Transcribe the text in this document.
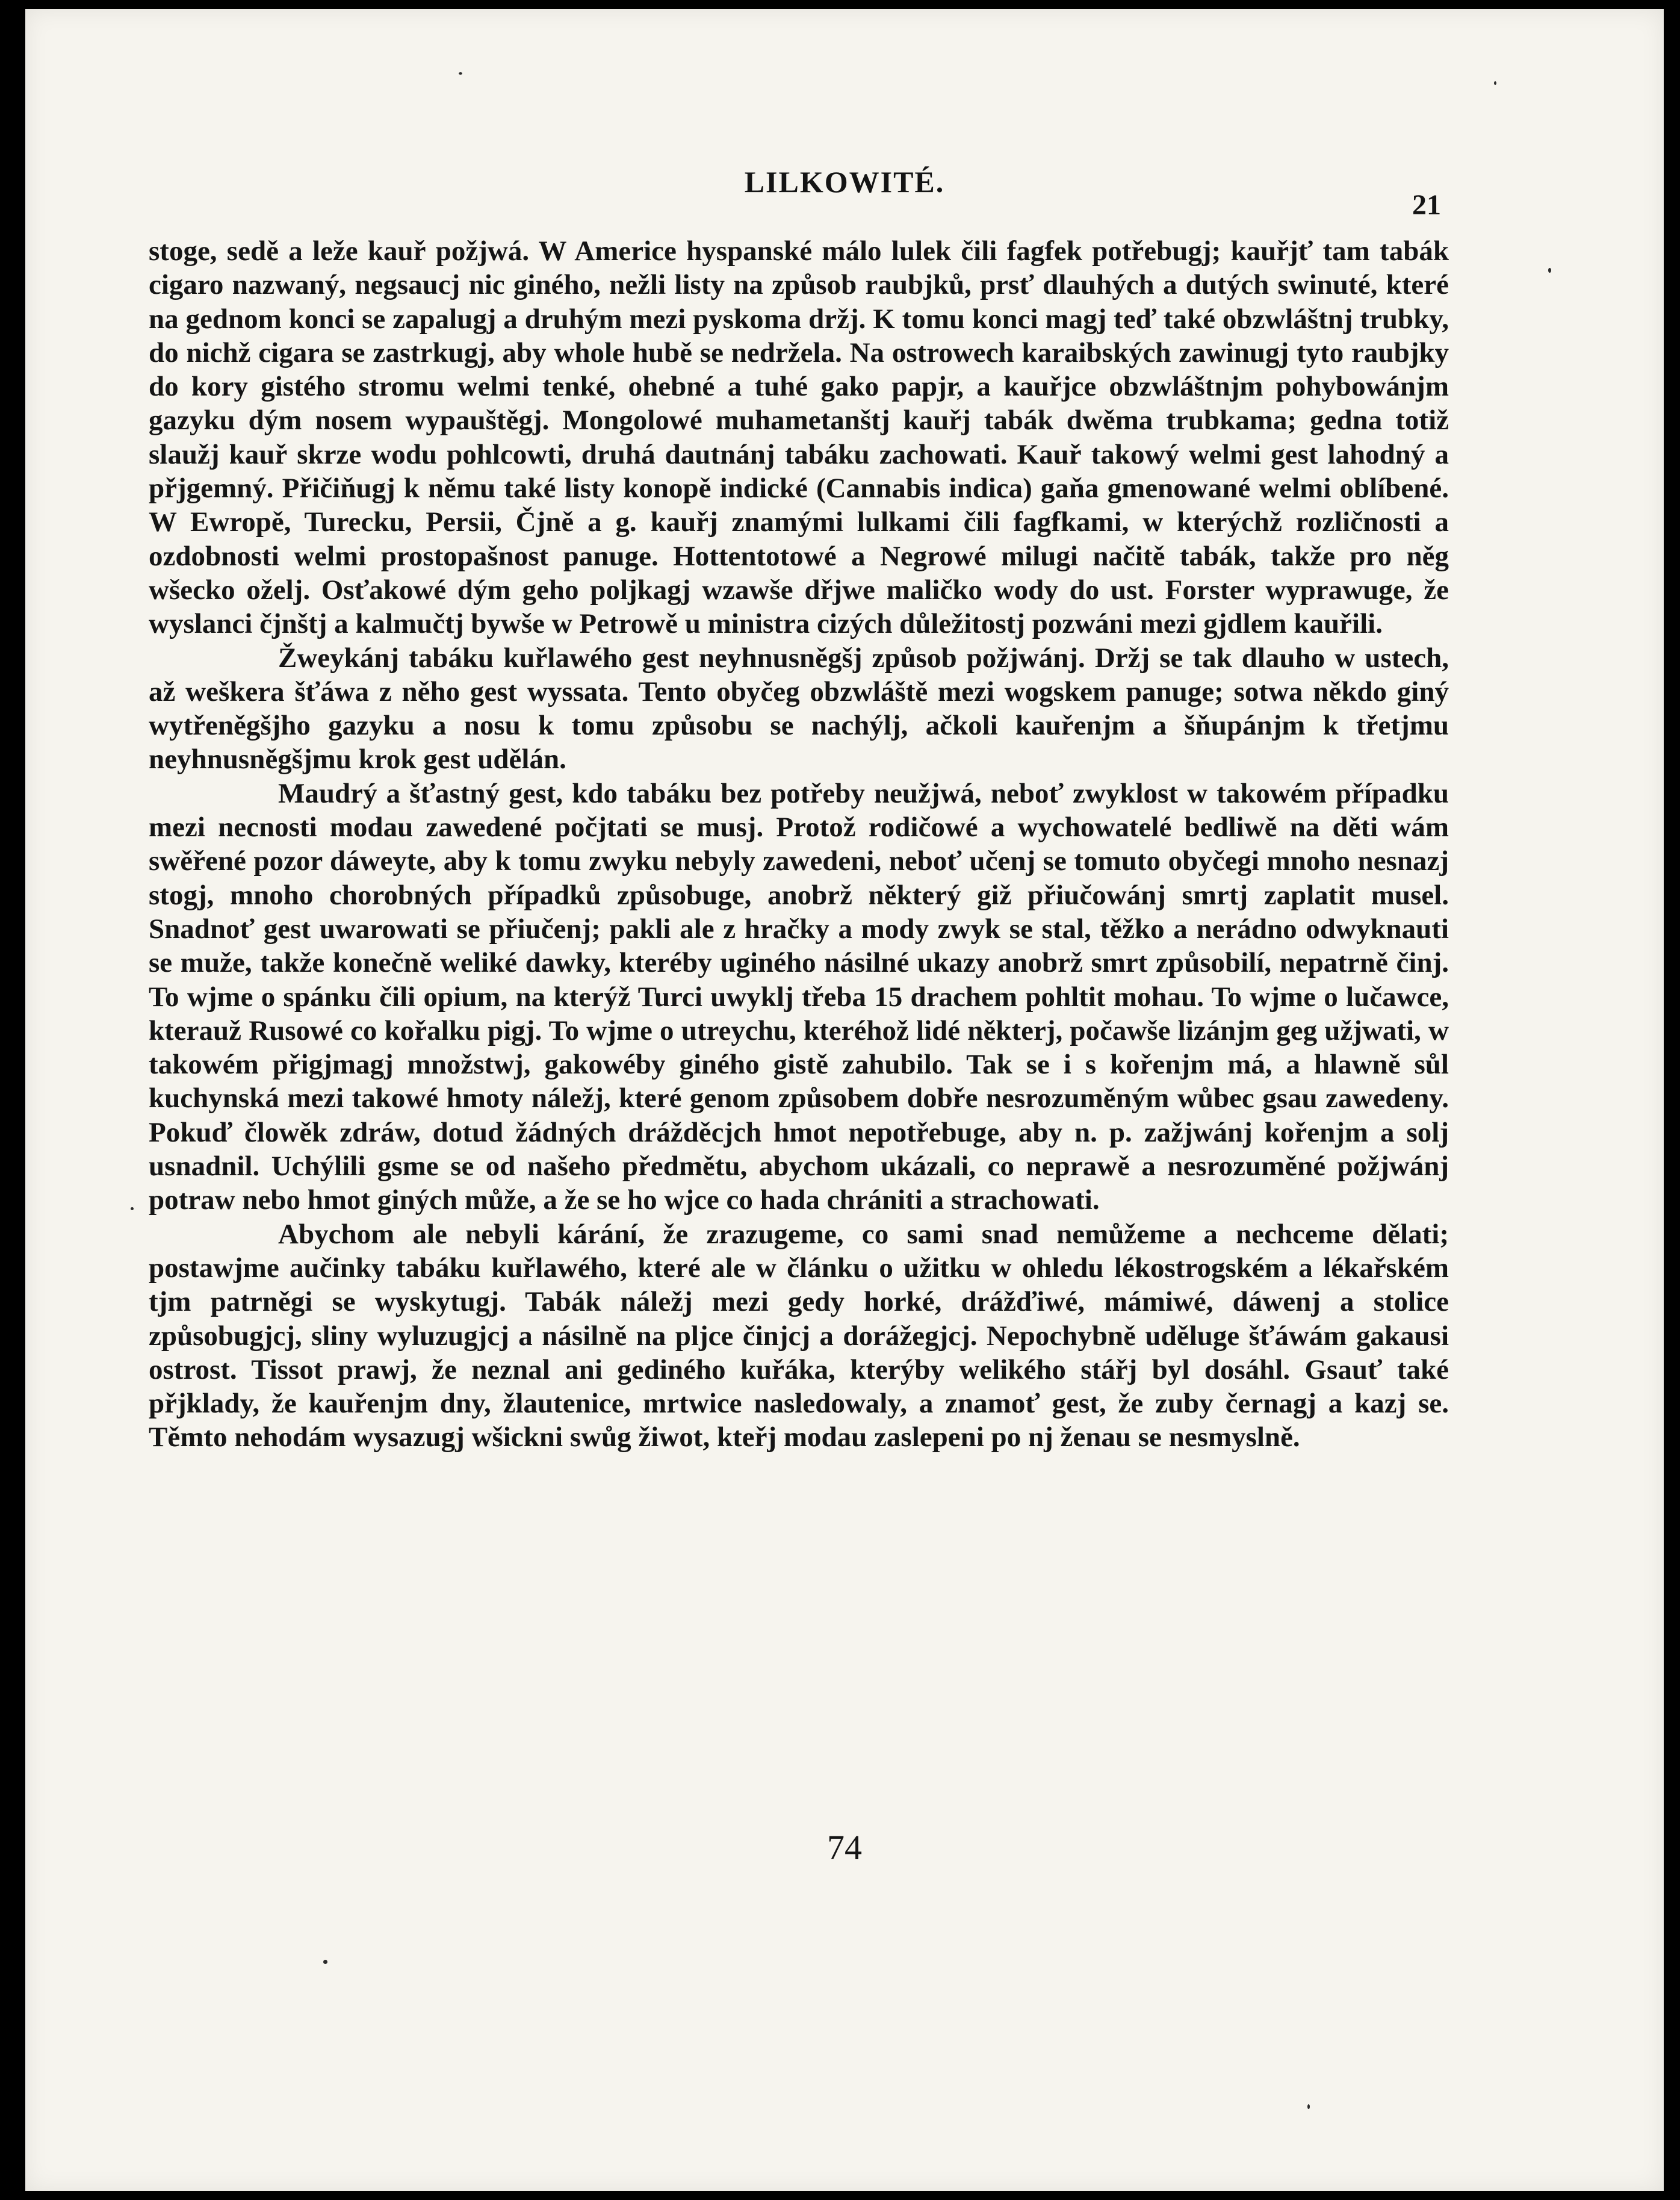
LILKOWITÉ.
21

stoge, sedě a leže kauř požjwá. W Americe hyspanské málo lulek čili fagfek potřebugj; kauřjť tam tabák cigaro nazwaný, negsaucj nic giného, nežli listy na způsob raubjků, prsť dlauhých a dutých swinuté, které na gednom konci se zapalugj a druhým mezi pyskoma držj. K tomu konci magj teď také obzwláštnj trubky, do nichž cigara se zastrkugj, aby whole hubě se nedržela. Na ostrowech karaibských zawinugj tyto raubjky do kory gistého stromu welmi tenké, ohebné a tuhé gako papjr, a kauřjce obzwláštnjm pohybowánjm gazyku dým nosem wypauštěgj. Mongolowé muhametanštj kauřj tabák dwěma trubkama; gedna totiž slaužj kauř skrze wodu pohlcowti, druhá dautnánj tabáku zachowati. Kauř takowý welmi gest lahodný a přjgemný. Přičiňugj k němu také listy konopě indické (Cannabis indica) gaňa gmenowané welmi oblíbené. W Ewropě, Turecku, Persii, Čjně a g. kauřj znamými lulkami čili fagfkami, w kterýchž rozličnosti a ozdobnosti welmi prostopašnost panuge. Hottentotowé a Negrowé milugi načitě tabák, takže pro něg wšecko oželj. Osťakowé dým geho poljkagj wzawše dřjwe maličko wody do ust. Forster wyprawuge, že wyslanci čjnštj a kalmučtj bywše w Petrowě u ministra cizých důležitostj pozwáni mezi gjdlem kauřili.

Žweykánj tabáku kuřlawého gest neyhnusněgšj způsob požjwánj. Držj se tak dlauho w ustech, až weškera šťáwa z něho gest wyssata. Tento obyčeg obzwláště mezi wogskem panuge; sotwa někdo giný wytřeněgšjho gazyku a nosu k tomu způsobu se nachýlj, ačkoli kauřenjm a šňupánjm k třetjmu neyhnusněgšjmu krok gest udělán.

Maudrý a šťastný gest, kdo tabáku bez potřeby neužjwá, neboť zwyklost w takowém případku mezi necnosti modau zawedené počjtati se musj. Protož rodičowé a wychowatelé bedliwě na děti wám swěřené pozor dáweyte, aby k tomu zwyku nebyly zawedeni, neboť učenj se tomuto obyčegi mnoho nesnazj stogj, mnoho chorobných případků způsobuge, anobrž některý giž přiučowánj smrtj zaplatit musel. Snadnoť gest uwarowati se přiučenj; pakli ale z hračky a mody zwyk se stal, těžko a nerádno odwyknauti se muže, takže konečně weliké dawky, kteréby uginého násilné ukazy anobrž smrt způsobilí, nepatrně činj. To wjme o spánku čili opium, na kterýž Turci uwyklj třeba 15 drachem pohltit mohau. To wjme o lučawce, kterauž Rusowé co kořalku pigj. To wjme o utreychu, kteréhož lidé některj, počawše lizánjm geg užjwati, w takowém přigjmagj množstwj, gakowéby giného gistě zahubilo. Tak se i s kořenjm má, a hlawně sůl kuchynská mezi takowé hmoty náležj, které genom způsobem dobře nesrozuměným wůbec gsau zawedeny. Pokuď člowěk zdráw, dotud žádných drážděcjch hmot nepotřebuge, aby n. p. zažjwánj kořenjm a solj usnadnil. Uchýlili gsme se od našeho předmětu, abychom ukázali, co neprawě a nesrozuměné požjwánj potraw nebo hmot giných může, a že se ho wjce co hada chrániti a strachowati.

Abychom ale nebyli kárání, že zrazugeme, co sami snad nemůžeme a nechceme dělati; postawjme aučinky tabáku kuřlawého, které ale w článku o užitku w ohledu lékostrogském a lékařském tjm patrněgi se wyskytugj. Tabák náležj mezi gedy horké, drážďiwé, mámiwé, dáwenj a stolice způsobugjcj, sliny wyluzugjcj a násilně na pljce činjcj a dorážegjcj. Nepochybně uděluge šťáwám gakausi ostrost. Tissot prawj, že neznal ani gediného kuřáka, kterýby welikého stářj byl dosáhl. Gsauť také přjklady, že kauřenjm dny, žlautenice, mrtwice nasledowaly, a znamoť gest, že zuby černagj a kazj se. Těmto nehodám wysazugj wšickni swůg žiwot, kteřj modau zaslepeni po nj ženau se nesmyslně.

74
